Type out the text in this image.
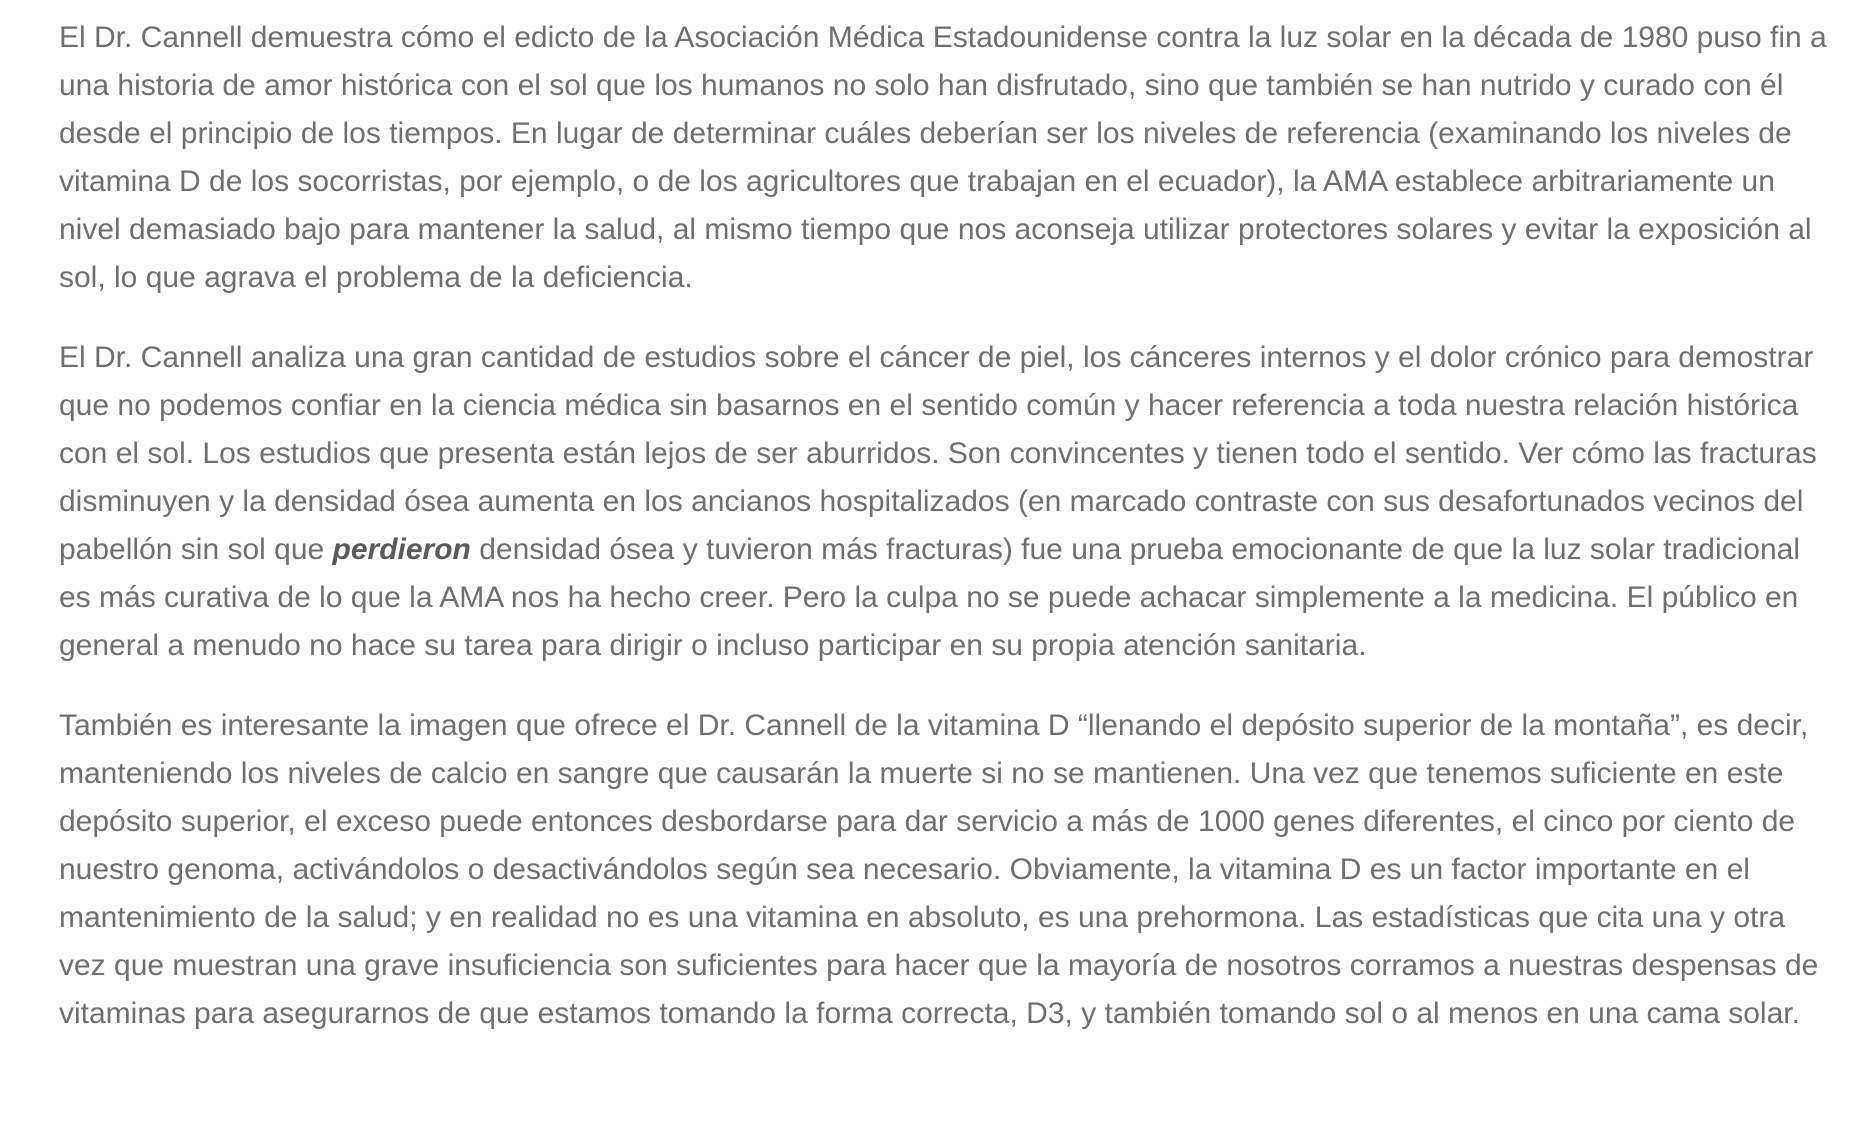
El Dr. Cannell demuestra cómo el edicto de la Asociación Médica Estadounidense contra la luz solar en la década de 1980 puso fin a una historia de amor histórica con el sol que los humanos no solo han disfrutado, sino que también se han nutrido y curado con él desde el principio de los tiempos. En lugar de determinar cuáles deberían ser los niveles de referencia (examinando los niveles de vitamina D de los socorristas, por ejemplo, o de los agricultores que trabajan en el ecuador), la AMA establece arbitrariamente un nivel demasiado bajo para mantener la salud, al mismo tiempo que nos aconseja utilizar protectores solares y evitar la exposición al sol, lo que agrava el problema de la deficiencia.

El Dr. Cannell analiza una gran cantidad de estudios sobre el cáncer de piel, los cánceres internos y el dolor crónico para demostrar que no podemos confiar en la ciencia médica sin basarnos en el sentido común y hacer referencia a toda nuestra relación histórica con el sol. Los estudios que presenta están lejos de ser aburridos. Son convincentes y tienen todo el sentido. Ver cómo las fracturas disminuyen y la densidad ósea aumenta en los ancianos hospitalizados (en marcado contraste con sus desafortunados vecinos del pabellón sin sol que perdieron densidad ósea y tuvieron más fracturas) fue una prueba emocionante de que la luz solar tradicional es más curativa de lo que la AMA nos ha hecho creer. Pero la culpa no se puede achacar simplemente a la medicina. El público en general a menudo no hace su tarea para dirigir o incluso participar en su propia atención sanitaria.

También es interesante la imagen que ofrece el Dr. Cannell de la vitamina D “llenando el depósito superior de la montaña”, es decir, manteniendo los niveles de calcio en sangre que causarán la muerte si no se mantienen. Una vez que tenemos suficiente en este depósito superior, el exceso puede entonces desbordarse para dar servicio a más de 1000 genes diferentes, el cinco por ciento de nuestro genoma, activándolos o desactivándolos según sea necesario. Obviamente, la vitamina D es un factor importante en el mantenimiento de la salud; y en realidad no es una vitamina en absoluto, es una prehormona. Las estadísticas que cita una y otra vez que muestran una grave insuficiencia son suficientes para hacer que la mayoría de nosotros corramos a nuestras despensas de vitaminas para asegurarnos de que estamos tomando la forma correcta, D3, y también tomando sol o al menos en una cama solar.
